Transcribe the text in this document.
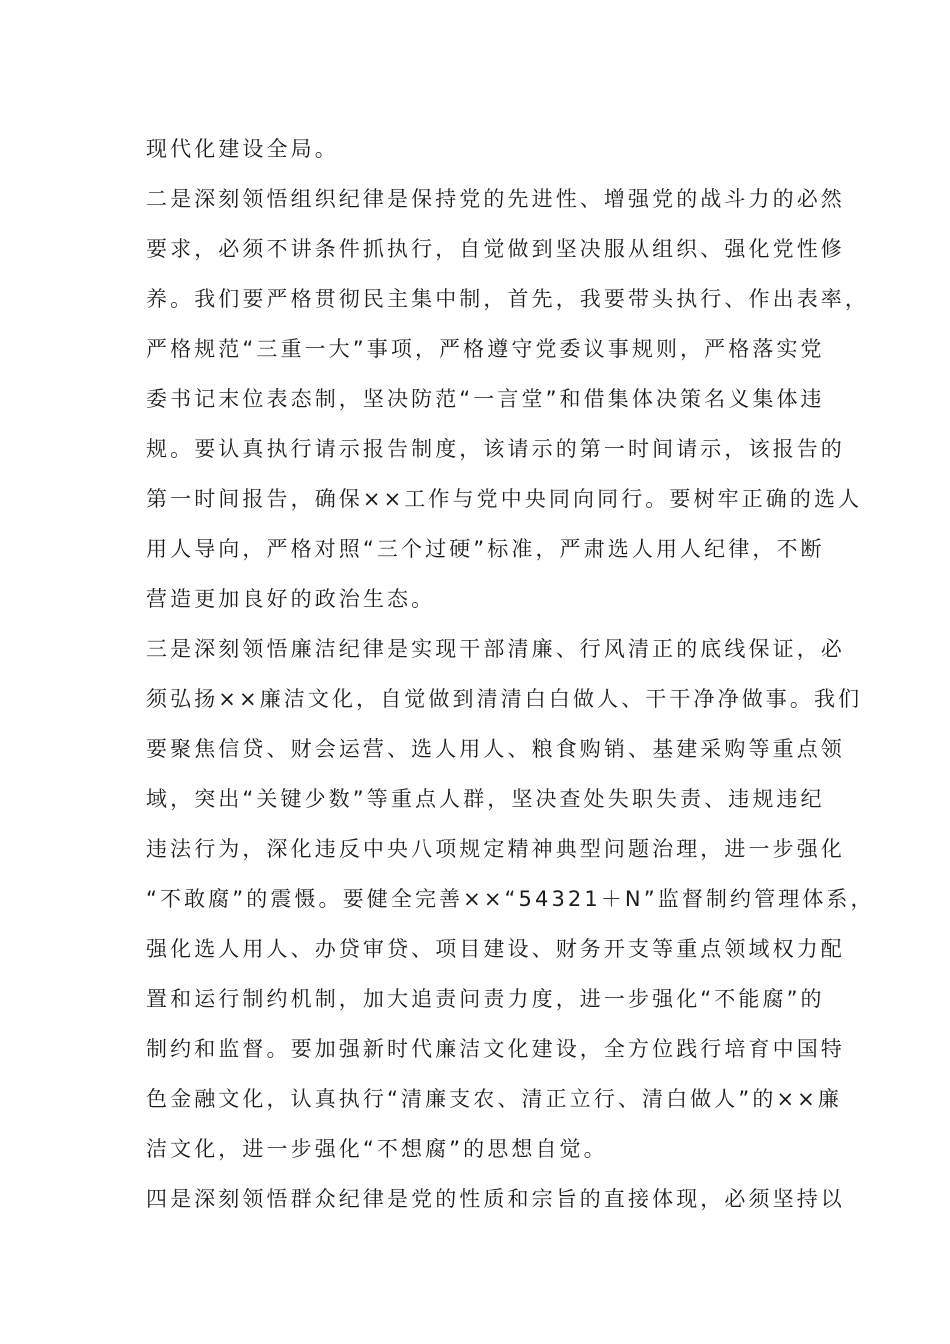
现代化建设全局。
二是深刻领悟组织纪律是保持党的先进性、增强党的战斗力的必然
要求，必须不讲条件抓执行，自觉做到坚决服从组织、强化党性修
养。我们要严格贯彻民主集中制，首先，我要带头执行、作出表率，
严格规范“三重一大”事项，严格遵守党委议事规则，严格落实党
委书记末位表态制，坚决防范“一言堂”和借集体决策名义集体违
规。要认真执行请示报告制度，该请示的第一时间请示，该报告的
第一时间报告，确保××工作与党中央同向同行。要树牢正确的选人
用人导向，严格对照“三个过硬”标准，严肃选人用人纪律，不断
营造更加良好的政治生态。
三是深刻领悟廉洁纪律是实现干部清廉、行风清正的底线保证，必
须弘扬××廉洁文化，自觉做到清清白白做人、干干净净做事。我们
要聚焦信贷、财会运营、选人用人、粮食购销、基建采购等重点领
域，突出“关键少数”等重点人群，坚决查处失职失责、违规违纪
违法行为，深化违反中央八项规定精神典型问题治理，进一步强化
“不敢腐”的震慑。要健全完善××“54321＋N”监督制约管理体系，
强化选人用人、办贷审贷、项目建设、财务开支等重点领域权力配
置和运行制约机制，加大追责问责力度，进一步强化“不能腐”的
制约和监督。要加强新时代廉洁文化建设，全方位践行培育中国特
色金融文化，认真执行“清廉支农、清正立行、清白做人”的××廉
洁文化，进一步强化“不想腐”的思想自觉。
四是深刻领悟群众纪律是党的性质和宗旨的直接体现，必须坚持以
